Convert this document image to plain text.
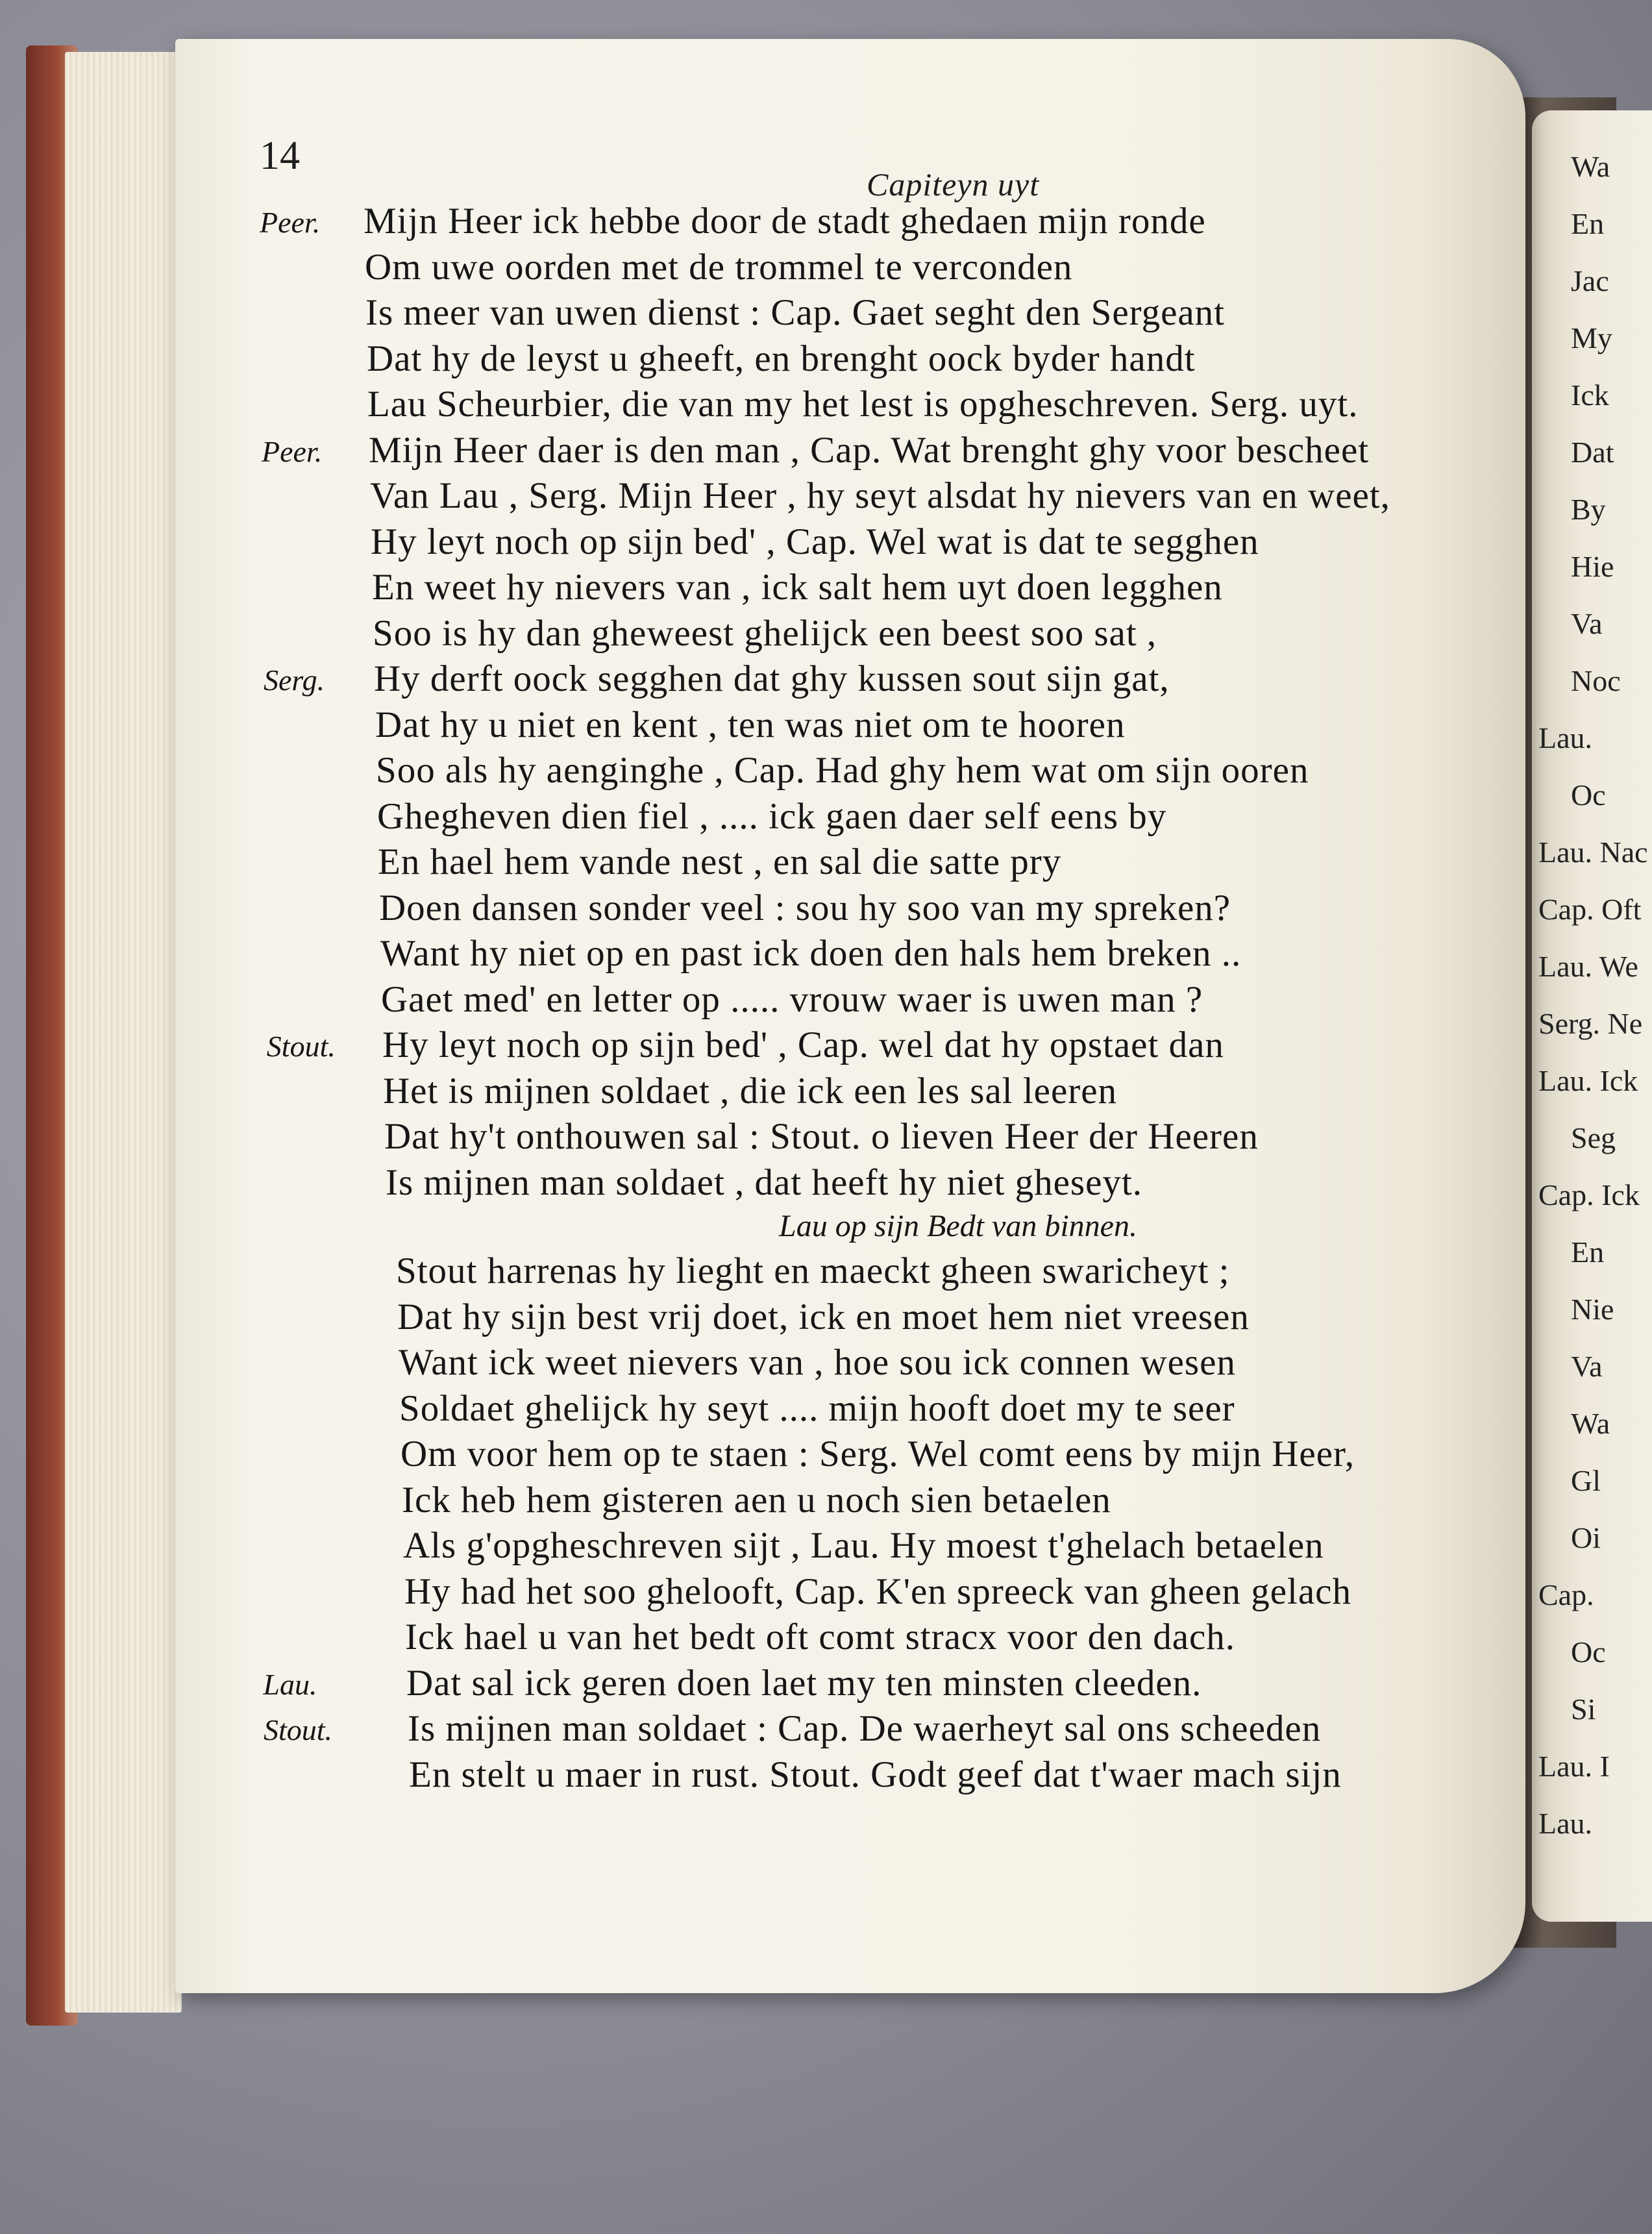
Wa
En
Jac
My
Ick
Dat
By
Hie
Va
Noc
Lau.
Oc
Lau. Nac
Cap. Oft
Lau. We
Serg. Ne
Lau. Ick
Seg
Cap. Ick
En
Nie
Va
Wa
Gl
Oi
Cap.
Oc
Si
Lau. I
Lau.
14
Capiteyn uyt
Peer. Mijn Heer ick hebbe door de stadt ghedaen mijn ronde
Om uwe oorden met de trommel te verconden
Is meer van uwen dienst : Cap. Gaet seght den Sergeant
Dat hy de leyst u gheeft, en brenght oock byder handt
Lau Scheurbier, die van my het lest is opgheschreven. Serg. uyt.
Peer. Mijn Heer daer is den man , Cap. Wat brenght ghy voor bescheet
Van Lau , Serg. Mijn Heer , hy seyt alsdat hy nievers van en weet,
Hy leyt noch op sijn bed' , Cap. Wel wat is dat te segghen
En weet hy nievers van , ick salt hem uyt doen legghen
Soo is hy dan gheweest ghelijck een beest soo sat ,
Serg. Hy derft oock segghen dat ghy kussen sout sijn gat,
Dat hy u niet en kent , ten was niet om te hooren
Soo als hy aenginghe , Cap. Had ghy hem wat om sijn ooren
Ghegheven dien fiel , .... ick gaen daer self eens by
En hael hem vande nest , en sal die satte pry
Doen dansen sonder veel : sou hy soo van my spreken?
Want hy niet op en past ick doen den hals hem breken ..
Gaet med' en letter op ..... vrouw waer is uwen man ?
Stout. Hy leyt noch op sijn bed' , Cap. wel dat hy opstaet dan
Het is mijnen soldaet , die ick een les sal leeren
Dat hy't onthouwen sal : Stout. o lieven Heer der Heeren
Is mijnen man soldaet , dat heeft hy niet gheseyt.
Lau op sijn Bedt van binnen.
Stout harrenas hy lieght en maeckt gheen swaricheyt ;
Dat hy sijn best vrij doet, ick en moet hem niet vreesen
Want ick weet nievers van , hoe sou ick connen wesen
Soldaet ghelijck hy seyt .... mijn hooft doet my te seer
Om voor hem op te staen : Serg. Wel comt eens by mijn Heer,
Ick heb hem gisteren aen u noch sien betaelen
Als g'opgheschreven sijt , Lau. Hy moest t'ghelach betaelen
Hy had het soo ghelooft, Cap. K'en spreeck van gheen gelach
Ick hael u van het bedt oft comt stracx voor den dach.
Lau. Dat sal ick geren doen laet my ten minsten cleeden.
Stout. Is mijnen man soldaet : Cap. De waerheyt sal ons scheeden
En stelt u maer in rust. Stout. Godt geef dat t'waer mach sijn
